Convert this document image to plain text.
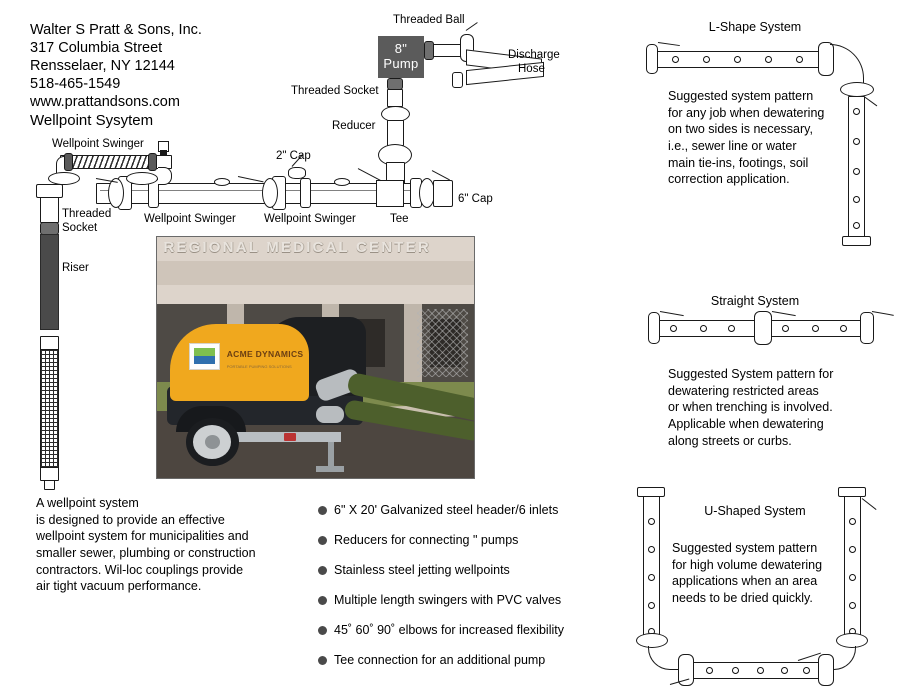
Walter S Pratt & Sons, Inc.
317 Columbia Street
Rensselaer, NY 12144
518-465-1549
www.prattandsons.com
Wellpoint Sysytem
Threaded Ball
8"
Pump
Discharge
Hose
Threaded Socket
Reducer
6" Cap
2" Cap
Wellpoint Swinger
Wellpoint Swinger Wellpoint Swinger	Tee
Threaded
Socket
Riser
REGIONAL MEDICAL CENTER
ACME DYNAMICS
PORTABLE PUMPING SOLUTIONS
A wellpoint system
is designed to provide an effective
wellpoint system for municipalities and
smaller sewer, plumbing or construction
contractors. Wil-loc couplings provide
air tight vacuum performance.
6" X 20' Galvanized steel header/6 inlets
Reducers for connecting " pumps
Stainless steel jetting wellpoints
Multiple length swingers with PVC valves
45˚ 60˚ 90˚ elbows for increased flexibility
Tee connection for an additional pump
L-Shape System
Suggested system pattern
for any job when dewatering
on two sides is necessary,
i.e., sewer line or water
main tie-ins, footings, soil
correction application.
Straight System
Suggested System pattern for
dewatering restricted areas
or when trenching is involved.
Applicable when dewatering
along streets or curbs.
U-Shaped System
Suggested system pattern
for high volume dewatering
applications when an area
needs to be dried quickly.
